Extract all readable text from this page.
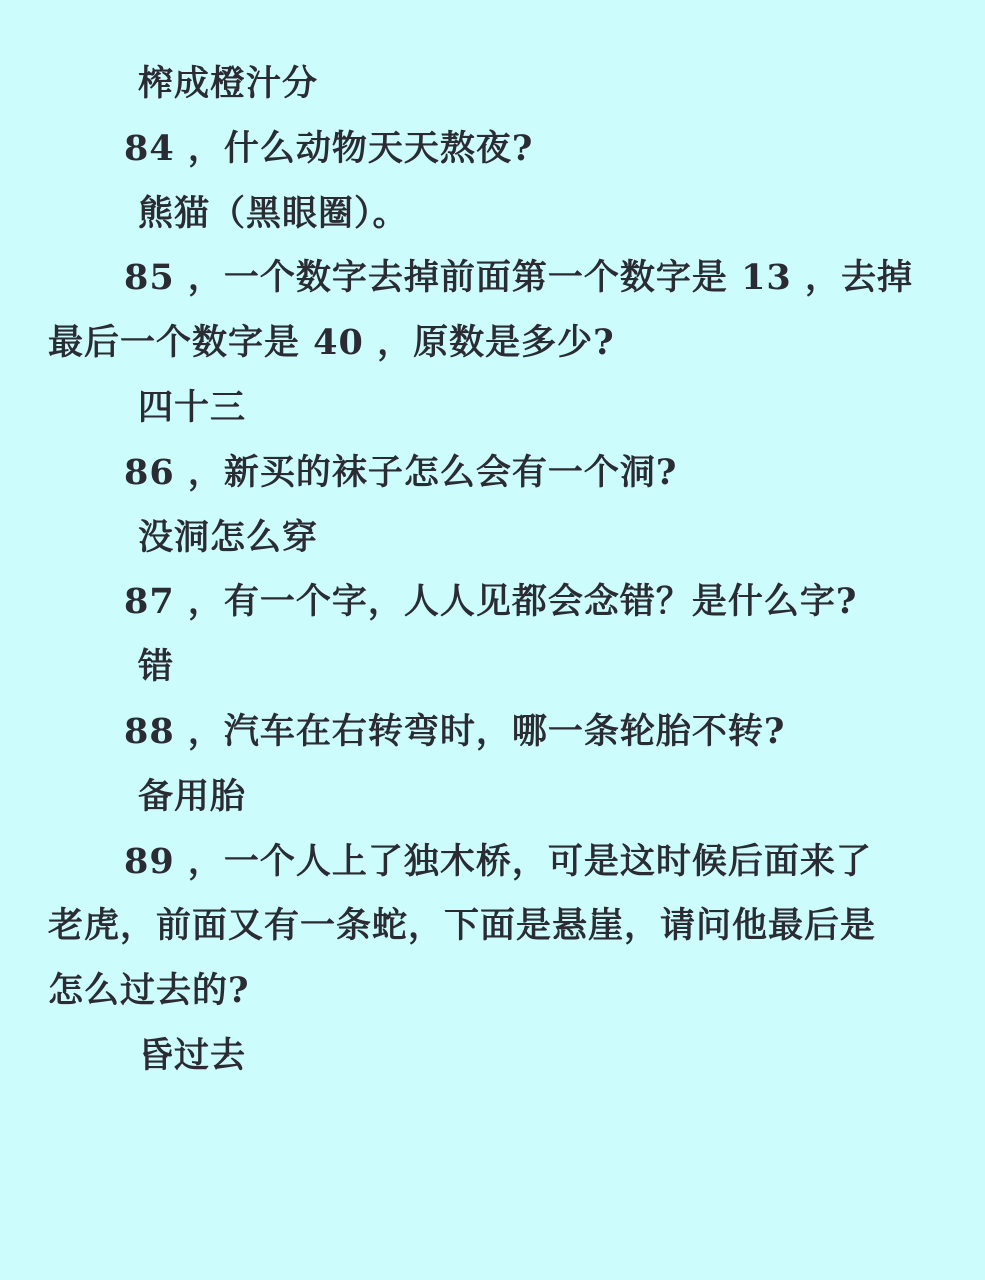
榨成橙汁分
84 ，什么动物天天熬夜?
熊猫（黑眼圈）。
85 ，一个数字去掉前面第一个数字是 13 ，去掉
最后一个数字是 40 ，原数是多少?
四十三
86 ，新买的袜子怎么会有一个洞?
没洞怎么穿
87 ，有一个字，人人见都会念错？是什么字?
错
88 ，汽车在右转弯时，哪一条轮胎不转?
备用胎
89 ，一个人上了独木桥，可是这时候后面来了
老虎，前面又有一条蛇，下面是悬崖，请问他最后是
怎么过去的?
昏过去
